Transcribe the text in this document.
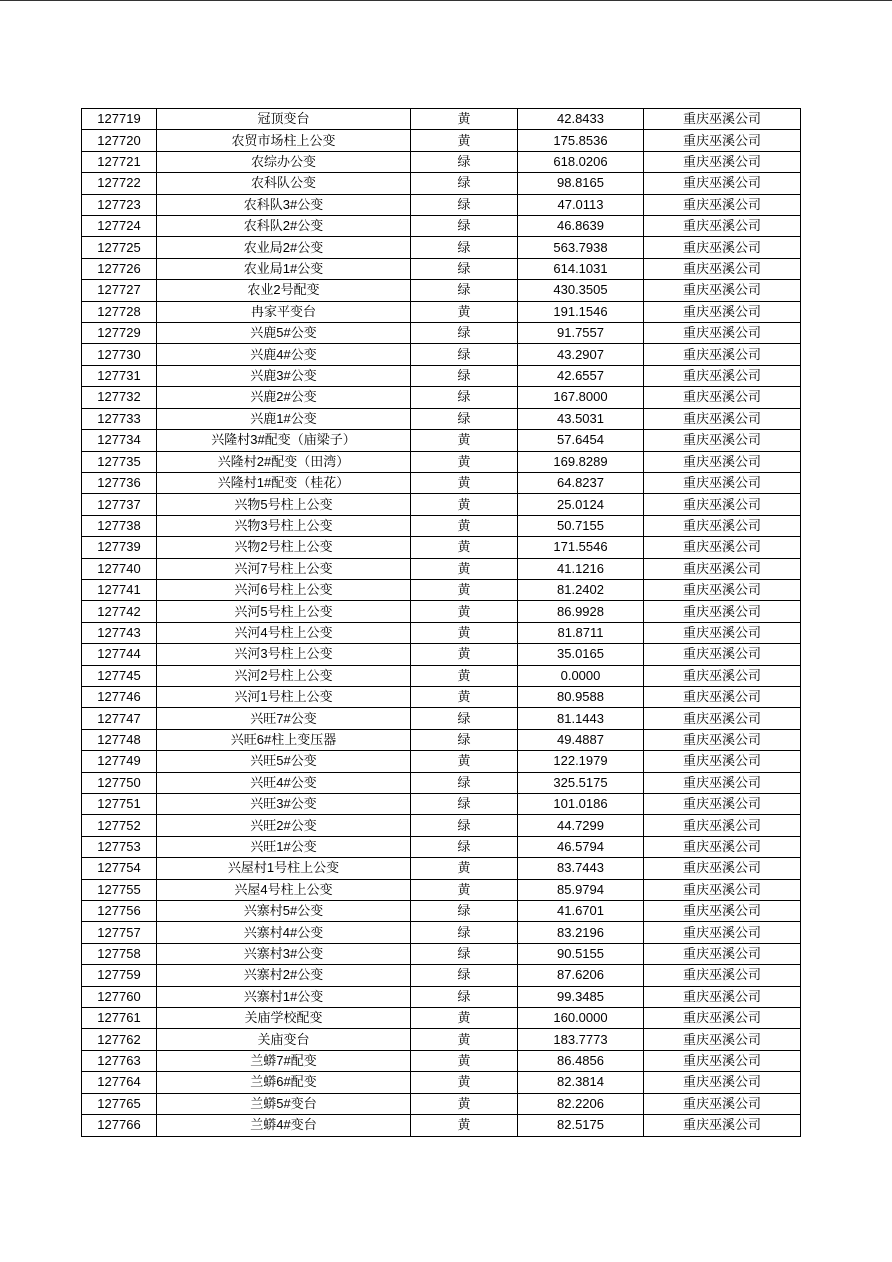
127719	冠顶变台	黄	42.8433	重庆巫溪公司
127720	农贸市场柱上公变	黄	175.8536	重庆巫溪公司
127721	农综办公变	绿	618.0206	重庆巫溪公司
127722	农科队公变	绿	98.8165	重庆巫溪公司
127723	农科队3#公变	绿	47.0113	重庆巫溪公司
127724	农科队2#公变	绿	46.8639	重庆巫溪公司
127725	农业局2#公变	绿	563.7938	重庆巫溪公司
127726	农业局1#公变	绿	614.1031	重庆巫溪公司
127727	农业2号配变	绿	430.3505	重庆巫溪公司
127728	冉家平变台	黄	191.1546	重庆巫溪公司
127729	兴鹿5#公变	绿	91.7557	重庆巫溪公司
127730	兴鹿4#公变	绿	43.2907	重庆巫溪公司
127731	兴鹿3#公变	绿	42.6557	重庆巫溪公司
127732	兴鹿2#公变	绿	167.8000	重庆巫溪公司
127733	兴鹿1#公变	绿	43.5031	重庆巫溪公司
127734	兴隆村3#配变（庙梁子）	黄	57.6454	重庆巫溪公司
127735	兴隆村2#配变（田湾）	黄	169.8289	重庆巫溪公司
127736	兴隆村1#配变（桂花）	黄	64.8237	重庆巫溪公司
127737	兴物5号柱上公变	黄	25.0124	重庆巫溪公司
127738	兴物3号柱上公变	黄	50.7155	重庆巫溪公司
127739	兴物2号柱上公变	黄	171.5546	重庆巫溪公司
127740	兴河7号柱上公变	黄	41.1216	重庆巫溪公司
127741	兴河6号柱上公变	黄	81.2402	重庆巫溪公司
127742	兴河5号柱上公变	黄	86.9928	重庆巫溪公司
127743	兴河4号柱上公变	黄	81.8711	重庆巫溪公司
127744	兴河3号柱上公变	黄	35.0165	重庆巫溪公司
127745	兴河2号柱上公变	黄	0.0000	重庆巫溪公司
127746	兴河1号柱上公变	黄	80.9588	重庆巫溪公司
127747	兴旺7#公变	绿	81.1443	重庆巫溪公司
127748	兴旺6#柱上变压器	绿	49.4887	重庆巫溪公司
127749	兴旺5#公变	黄	122.1979	重庆巫溪公司
127750	兴旺4#公变	绿	325.5175	重庆巫溪公司
127751	兴旺3#公变	绿	101.0186	重庆巫溪公司
127752	兴旺2#公变	绿	44.7299	重庆巫溪公司
127753	兴旺1#公变	绿	46.5794	重庆巫溪公司
127754	兴屋村1号柱上公变	黄	83.7443	重庆巫溪公司
127755	兴屋4号柱上公变	黄	85.9794	重庆巫溪公司
127756	兴寨村5#公变	绿	41.6701	重庆巫溪公司
127757	兴寨村4#公变	绿	83.2196	重庆巫溪公司
127758	兴寨村3#公变	绿	90.5155	重庆巫溪公司
127759	兴寨村2#公变	绿	87.6206	重庆巫溪公司
127760	兴寨村1#公变	绿	99.3485	重庆巫溪公司
127761	关庙学校配变	黄	160.0000	重庆巫溪公司
127762	关庙变台	黄	183.7773	重庆巫溪公司
127763	兰蟒7#配变	黄	86.4856	重庆巫溪公司
127764	兰蟒6#配变	黄	82.3814	重庆巫溪公司
127765	兰蟒5#变台	黄	82.2206	重庆巫溪公司
127766	兰蟒4#变台	黄	82.5175	重庆巫溪公司
